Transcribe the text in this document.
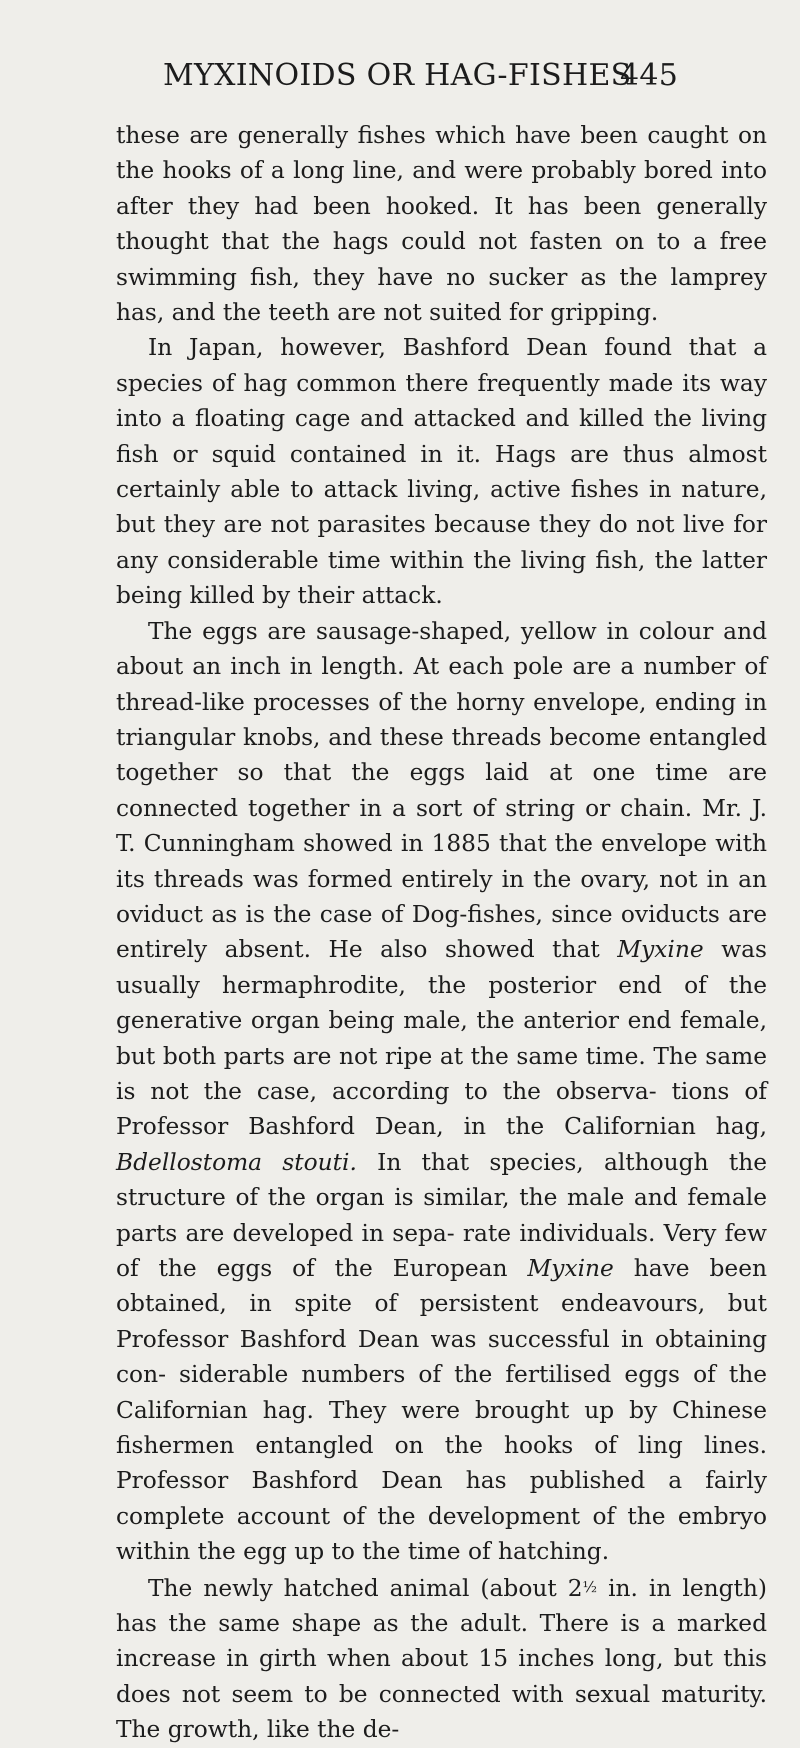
MYXINOIDS OR HAG-FISHES
445

these are generally fishes which have been caught on the hooks of a long line, and were probably bored into after they had been hooked. It has been generally thought that the hags could not fasten on to a free swimming fish, they have no sucker as the lamprey has, and the teeth are not suited for gripping.

In Japan, however, Bashford Dean found that a species of hag common there frequently made its way into a floating cage and attacked and killed the living fish or squid contained in it. Hags are thus almost certainly able to attack living, active fishes in nature, but they are not parasites because they do not live for any considerable time within the living fish, the latter being killed by their attack.

The eggs are sausage-shaped, yellow in colour and about an inch in length. At each pole are a number of thread-like processes of the horny envelope, ending in triangular knobs, and these threads become entangled together so that the eggs laid at one time are connected together in a sort of string or chain. Mr. J. T. Cunningham showed in 1885 that the envelope with its threads was formed entirely in the ovary, not in an oviduct as is the case of Dog-fishes, since oviducts are entirely absent. He also showed that Myxine was usually hermaphrodite, the posterior end of the generative organ being male, the anterior end female, but both parts are not ripe at the same time. The same is not the case, according to the observa- tions of Professor Bashford Dean, in the Californian hag, Bdellostoma stouti. In that species, although the structure of the organ is similar, the male and female parts are developed in sepa- rate individuals. Very few of the eggs of the European Myxine have been obtained, in spite of persistent endeavours, but Professor Bashford Dean was successful in obtaining con- siderable numbers of the fertilised eggs of the Californian hag. They were brought up by Chinese fishermen entangled on the hooks of ling lines. Professor Bashford Dean has published a fairly complete account of the development of the embryo within the egg up to the time of hatching.

The newly hatched animal (about 2½ in. in length) has the same shape as the adult. There is a marked increase in girth when about 15 inches long, but this does not seem to be connected with sexual maturity. The growth, like the de-
